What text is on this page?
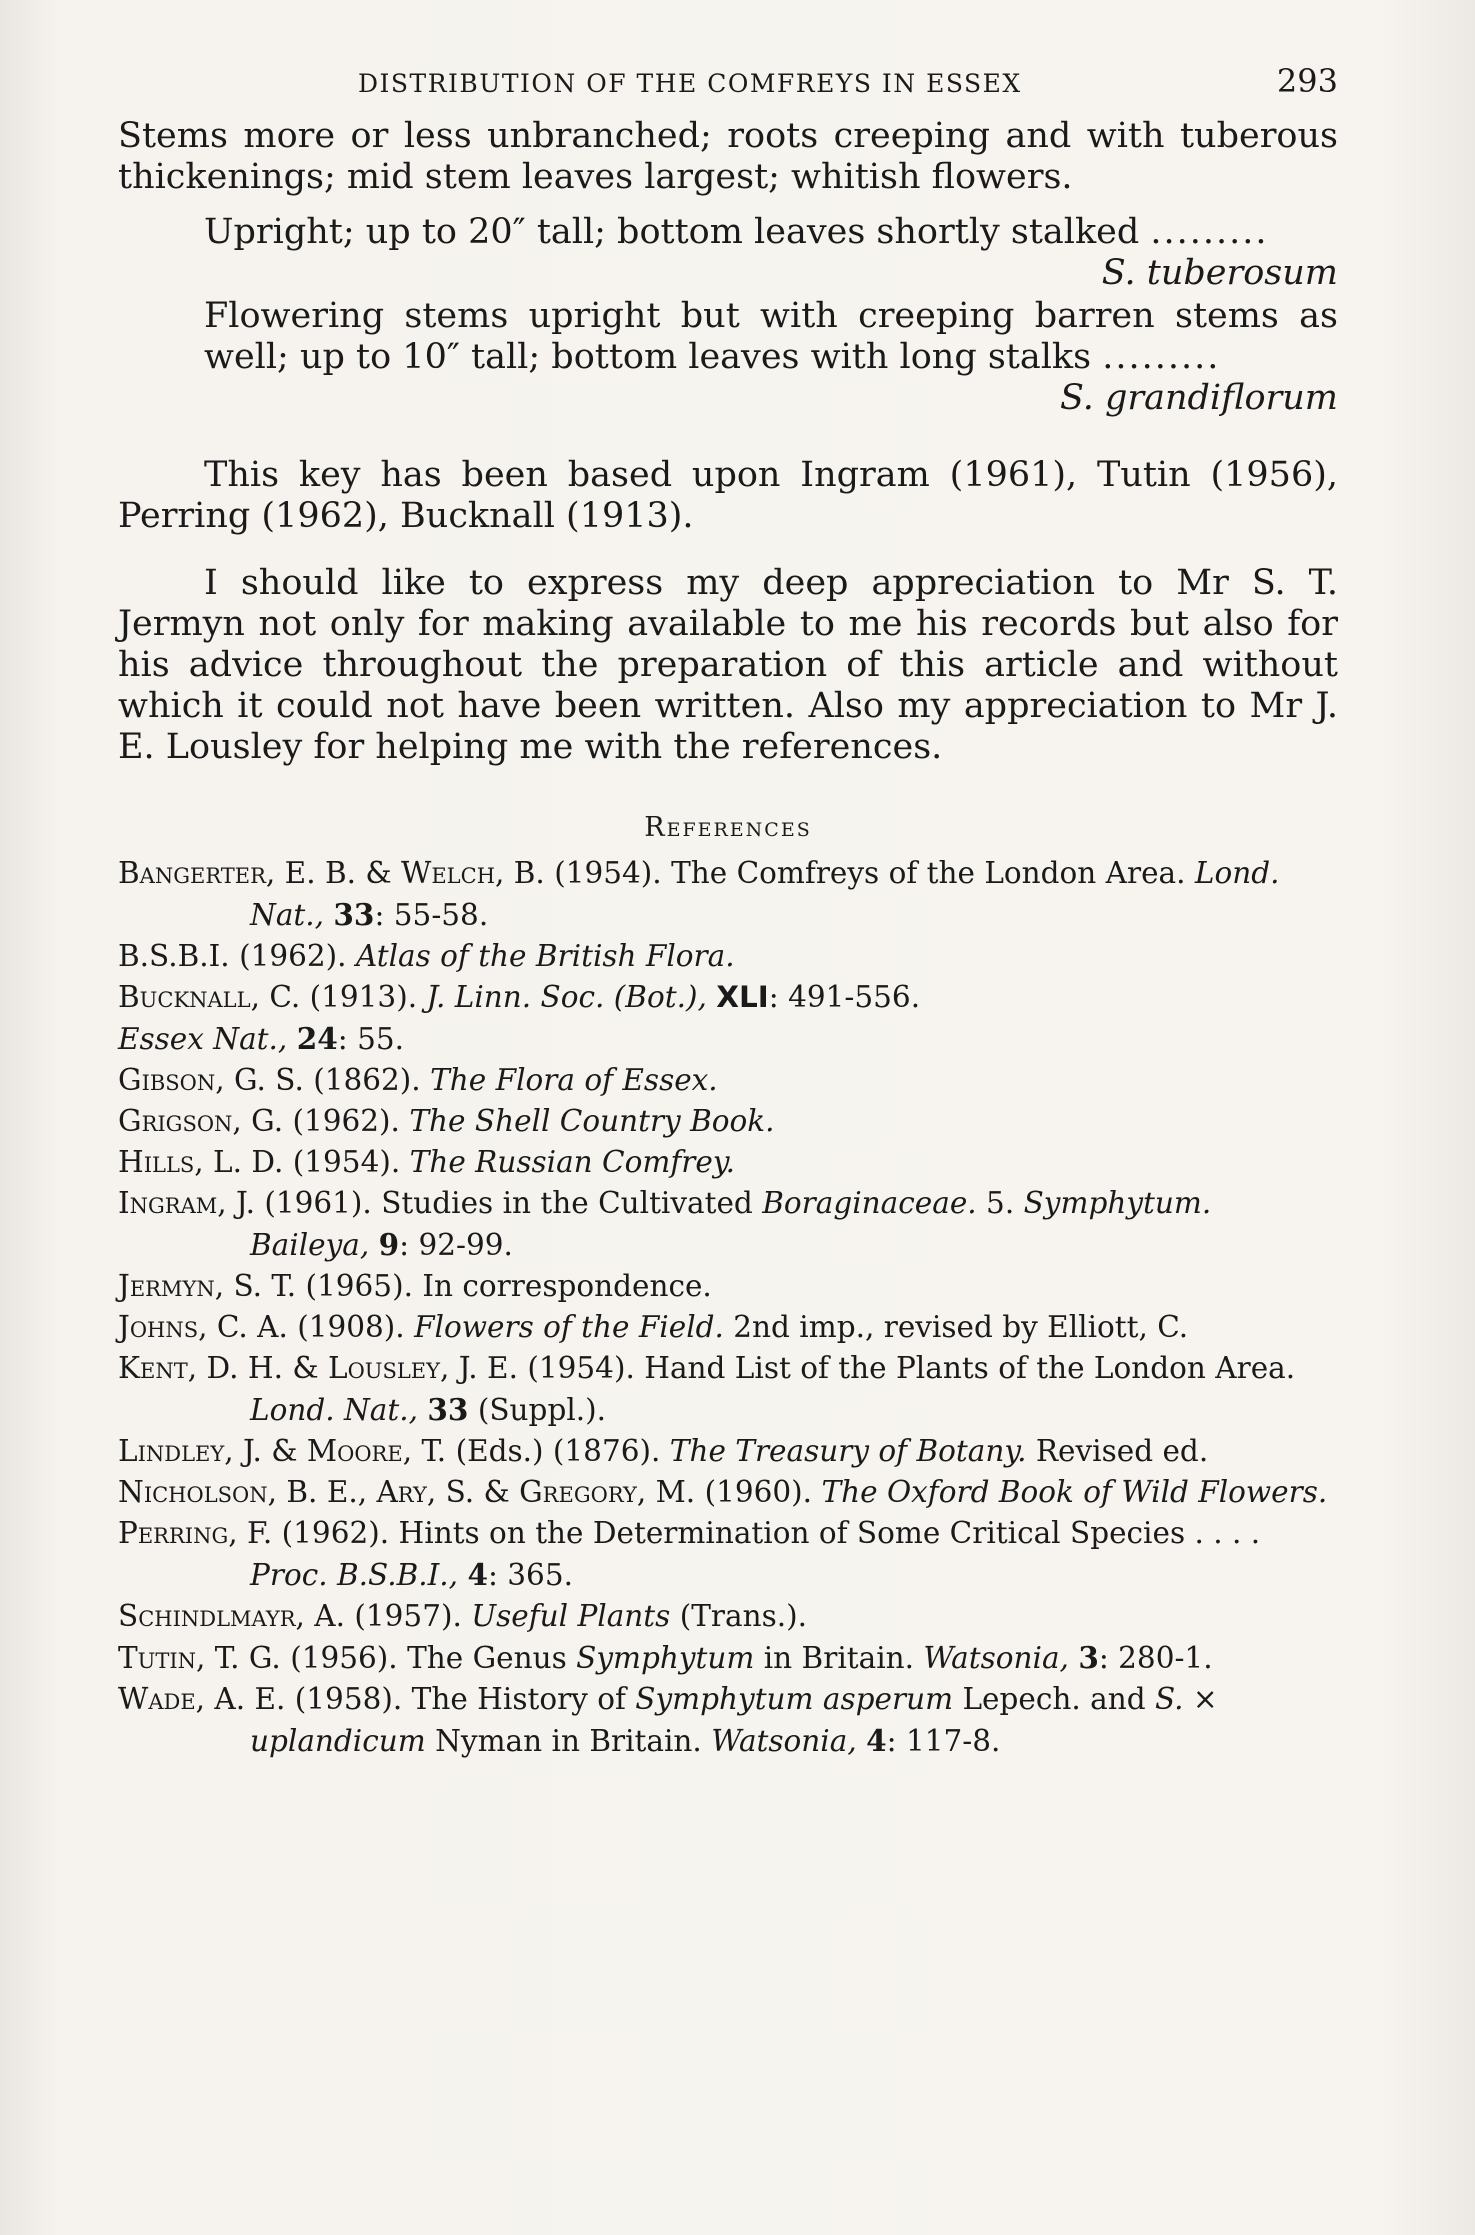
DISTRIBUTION OF THE COMFREYS IN ESSEX	293

Stems more or less unbranched; roots creeping and with tuberous thickenings; mid stem leaves largest; whitish flowers.

Upright; up to 20″ tall; bottom leaves shortly stalked .........

S. tuberosum

Flowering stems upright but with creeping barren stems as well; up to 10″ tall; bottom leaves with long stalks .........

S. grandiflorum

This key has been based upon Ingram (1961), Tutin (1956), Perring (1962), Bucknall (1913).

I should like to express my deep appreciation to Mr S. T. Jermyn not only for making available to me his records but also for his advice throughout the preparation of this article and without which it could not have been written. Also my appreciation to Mr J. E. Lousley for helping me with the references.

References

Bangerter, E. B. & Welch, B. (1954). The Comfreys of the London Area. Lond. Nat., 33: 55-58.

B.S.B.I. (1962). Atlas of the British Flora.

Bucknall, C. (1913). J. Linn. Soc. (Bot.), XLI: 491-556.

Essex Nat., 24: 55.

Gibson, G. S. (1862). The Flora of Essex.

Grigson, G. (1962). The Shell Country Book.

Hills, L. D. (1954). The Russian Comfrey.

Ingram, J. (1961). Studies in the Cultivated Boraginaceae. 5. Symphytum. Baileya, 9: 92-99.

Jermyn, S. T. (1965). In correspondence.

Johns, C. A. (1908). Flowers of the Field. 2nd imp., revised by Elliott, C.

Kent, D. H. & Lousley, J. E. (1954). Hand List of the Plants of the London Area. Lond. Nat., 33 (Suppl.).

Lindley, J. & Moore, T. (Eds.) (1876). The Treasury of Botany. Revised ed.

Nicholson, B. E., Ary, S. & Gregory, M. (1960). The Oxford Book of Wild Flowers.

Perring, F. (1962). Hints on the Determination of Some Critical Species . . . . Proc. B.S.B.I., 4: 365.

Schindlmayr, A. (1957). Useful Plants (Trans.).

Tutin, T. G. (1956). The Genus Symphytum in Britain. Watsonia, 3: 280-1.

Wade, A. E. (1958). The History of Symphytum asperum Lepech. and S. × uplandicum Nyman in Britain. Watsonia, 4: 117-8.
